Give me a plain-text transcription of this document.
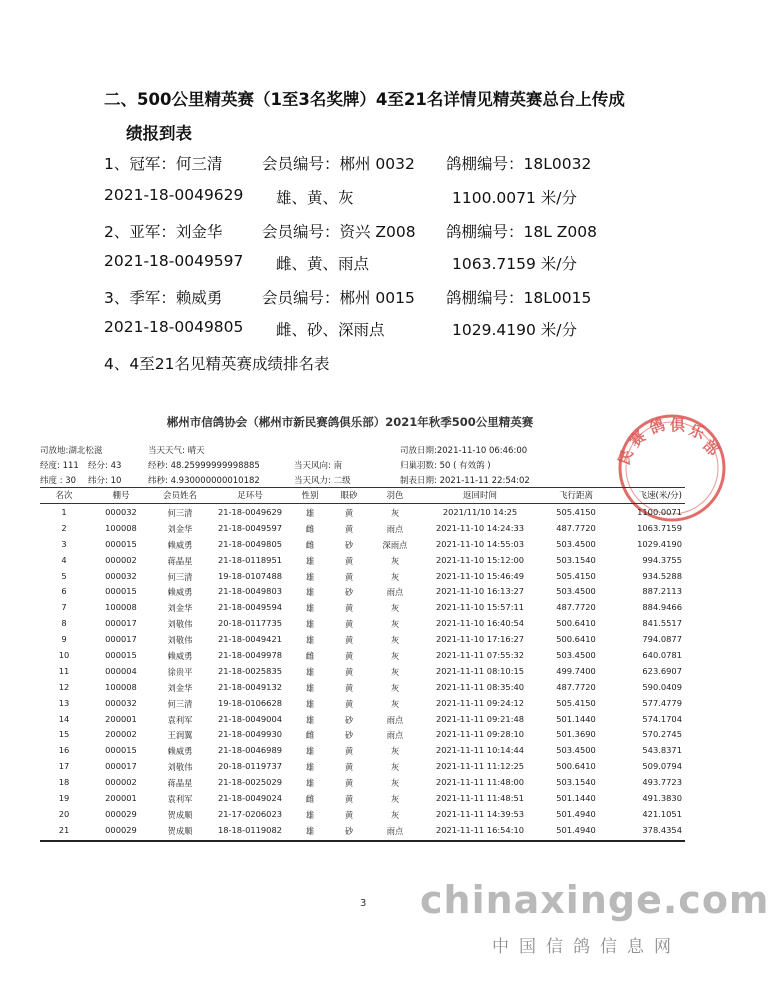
二、500公里精英赛（1至3名奖牌）4至21名详情见精英赛总台上传成
绩报到表
1、冠军：何三清	会员编号：郴州 0032 鸽棚编号：18L0032
2021-18-0049629 雄、黄、灰	1100.0071 米/分
2、亚军：刘金华	会员编号：资兴 Z008 鸽棚编号：18L Z008
2021-18-0049597 雌、黄、雨点	1063.7159 米/分
3、季军：赖威勇	会员编号：郴州 0015 鸽棚编号：18L0015
2021-18-0049805 雌、砂、深雨点	1029.4190 米/分
4、4至21名见精英赛成绩排名表
郴州市信鸽协会（郴州市新民赛鸽俱乐部）2021年秋季500公里精英赛
民
赛
鸽 俱 乐
部
司放地:湖北松滋	当天天气: 晴天	司放日期:2021-11-10 06:46:00
经度: 111 经分: 43	经秒: 48.25999999998885	当天风向: 南	归巢羽数: 50 ( 有效鸽 )
纬度 : 30 纬分: 10	纬秒: 4.930000000010182	当天风力: 二级	制表日期: 2021-11-11 22:54:02
名次	棚号	会员姓名	足环号	性别	眼砂	羽色	返回时间	飞行距离	飞速(米/分)
1	000032	何三清	21-18-0049629	雄	黄	灰	2021/11/10 14:25	505.4150	1100.0071
2	100008	刘金华	21-18-0049597	雌	黄	雨点	2021-11-10 14:24:33	487.7720	1063.7159
3	000015	赖威勇	21-18-0049805	雌	砂	深雨点	2021-11-10 14:55:03	503.4500	1029.4190
4	000002	蒋晶星	21-18-0118951	雄	黄	灰	2021-11-10 15:12:00	503.1540	994.3755
5	000032	何三清	19-18-0107488	雄	黄	灰	2021-11-10 15:46:49	505.4150	934.5288
6	000015	赖威勇	21-18-0049803	雄	砂	雨点	2021-11-10 16:13:27	503.4500	887.2113
7	100008	刘金华	21-18-0049594	雄	黄	灰	2021-11-10 15:57:11	487.7720	884.9466
8	000017	刘敬伟	20-18-0117735	雄	黄	灰	2021-11-10 16:40:54	500.6410	841.5517
9	000017	刘敬伟	21-18-0049421	雄	黄	灰	2021-11-10 17:16:27	500.6410	794.0877
10	000015	赖威勇	21-18-0049978	雌	黄	灰	2021-11-11 07:55:32	503.4500	640.0781
11	000004	徐贵平	21-18-0025835	雄	黄	灰	2021-11-11 08:10:15	499.7400	623.6907
12	100008	刘金华	21-18-0049132	雄	黄	灰	2021-11-11 08:35:40	487.7720	590.0409
13	000032	何三清	19-18-0106628	雄	黄	灰	2021-11-11 09:24:12	505.4150	577.4779
14	200001	袁利军	21-18-0049004	雄	砂	雨点	2021-11-11 09:21:48	501.1440	574.1704
15	200002	王润翼	21-18-0049930	雌	砂	雨点	2021-11-11 09:28:10	501.3690	570.2745
16	000015	赖威勇	21-18-0046989	雄	黄	灰	2021-11-11 10:14:44	503.4500	543.8371
17	000017	刘敬伟	20-18-0119737	雄	黄	灰	2021-11-11 11:12:25	500.6410	509.0794
18	000002	蒋晶星	21-18-0025029	雄	黄	灰	2021-11-11 11:48:00	503.1540	493.7723
19	200001	袁利军	21-18-0049024	雌	黄	灰	2021-11-11 11:48:51	501.1440	491.3830
20	000029	贺成顺	21-17-0206023	雄	黄	灰	2021-11-11 14:39:53	501.4940	421.1051
21	000029	贺成顺	18-18-0119082	雄	砂	雨点	2021-11-11 16:54:10	501.4940	378.4354
3 chinaxinge.com
中国信鸽信息网
